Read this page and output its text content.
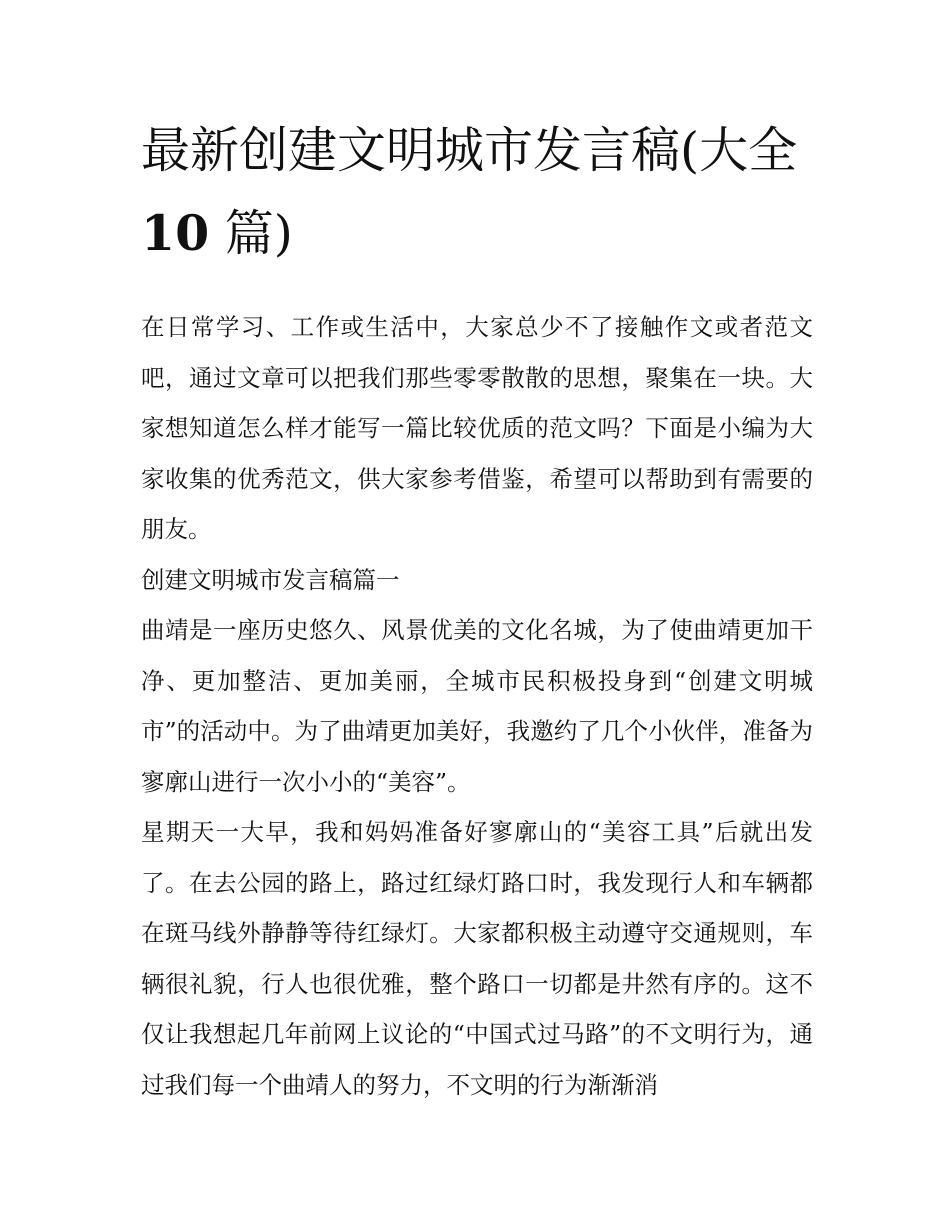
最新创建文明城市发言稿(大全10 篇)

在日常学习、工作或生活中，大家总少不了接触作文或者范文吧，通过文章可以把我们那些零零散散的思想，聚集在一块。大家想知道怎么样才能写一篇比较优质的范文吗？下面是小编为大家收集的优秀范文，供大家参考借鉴，希望可以帮助到有需要的朋友。

创建文明城市发言稿篇一

曲靖是一座历史悠久、风景优美的文化名城，为了使曲靖更加干净、更加整洁、更加美丽，全城市民积极投身到“创建文明城市”的活动中。为了曲靖更加美好，我邀约了几个小伙伴，准备为寥廓山进行一次小小的“美容”。

星期天一大早，我和妈妈准备好寥廓山的“美容工具”后就出发了。在去公园的路上，路过红绿灯路口时，我发现行人和车辆都在斑马线外静静等待红绿灯。大家都积极主动遵守交通规则，车辆很礼貌，行人也很优雅，整个路口一切都是井然有序的。这不仅让我想起几年前网上议论的“中国式过马路”的不文明行为，通过我们每一个曲靖人的努力，不文明的行为渐渐消
